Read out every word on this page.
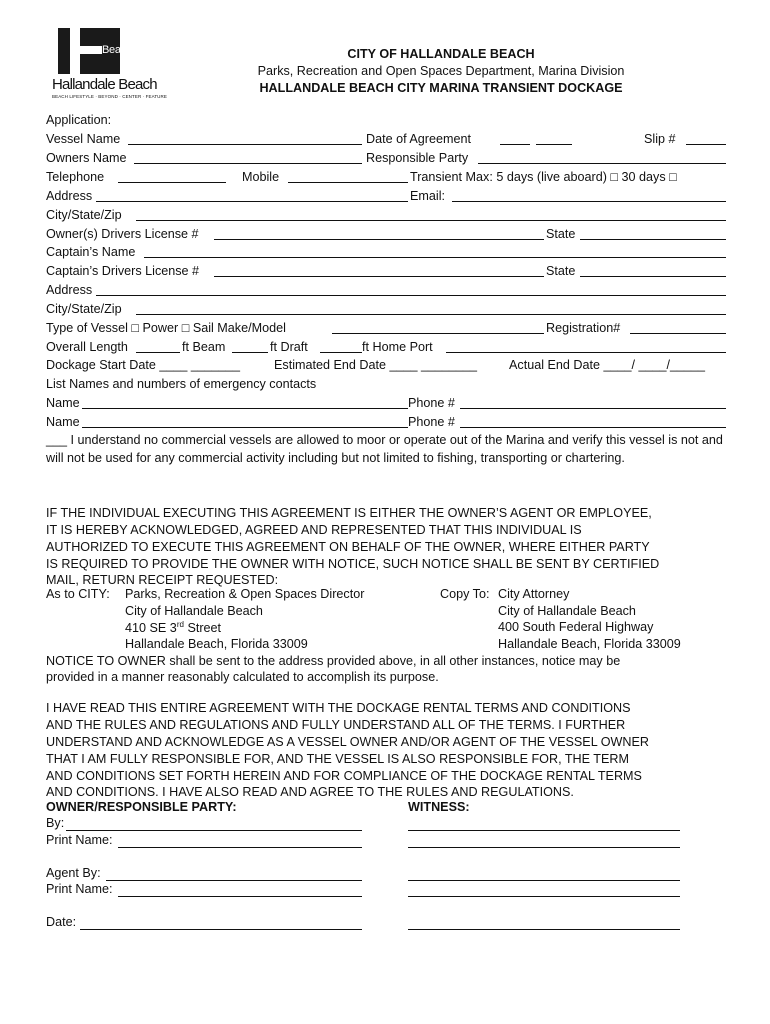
Beach
Hallandale Beach
BEACH LIFESTYLE · BEYOND · CENTER · FEATURE
CITY OF HALLANDALE BEACH
Parks, Recreation and Open Spaces Department, Marina Division
HALLANDALE BEACH CITY MARINA TRANSIENT DOCKAGE
Application:
Vessel Name	Date of Agreement	Slip #
Owners Name	Responsible Party
Telephone	Mobile	Transient Max: 5 days (live aboard) □ 30 days □
Address	Email:
City/State/Zip
Owner(s) Drivers License #	State
Captain’s Name
Captain’s Drivers License #	State
Address
City/State/Zip
Type of Vessel □ Power □ Sail Make/Model	Registration#
Overall Length	ft Beam	ft Draft	ft Home Port
Dockage Start Date ____ _______	Estimated End Date ____ ________	Actual End Date ____/ ____/_____
List Names and numbers of emergency contacts
Name	Phone #
Name	Phone #
___ I understand no commercial vessels are allowed to moor or operate out of the Marina and verify this vessel is not and will not be used for any commercial activity including but not limited to fishing, transporting or chartering.
IF THE INDIVIDUAL EXECUTING THIS AGREEMENT IS EITHER THE OWNER’S AGENT OR EMPLOYEE,
IT IS HEREBY ACKNOWLEDGED, AGREED AND REPRESENTED THAT THIS INDIVIDUAL IS
AUTHORIZED TO EXECUTE THIS AGREEMENT ON BEHALF OF THE OWNER, WHERE EITHER PARTY
IS REQUIRED TO PROVIDE THE OWNER WITH NOTICE, SUCH NOTICE SHALL BE SENT BY CERTIFIED
MAIL, RETURN RECEIPT REQUESTED:
As to CITY: Parks, Recreation & Open Spaces Director
City of Hallandale Beach
410 SE 3rd Street
Hallandale Beach, Florida 33009
Copy To: City Attorney
City of Hallandale Beach
400 South Federal Highway
Hallandale Beach, Florida 33009
NOTICE TO OWNER shall be sent to the address provided above, in all other instances, notice may be
provided in a manner reasonably calculated to accomplish its purpose.
I HAVE READ THIS ENTIRE AGREEMENT WITH THE DOCKAGE RENTAL TERMS AND CONDITIONS
AND THE RULES AND REGULATIONS AND FULLY UNDERSTAND ALL OF THE TERMS. I FURTHER
UNDERSTAND AND ACKNOWLEDGE AS A VESSEL OWNER AND/OR AGENT OF THE VESSEL OWNER
THAT I AM FULLY RESPONSIBLE FOR, AND THE VESSEL IS ALSO RESPONSIBLE FOR, THE TERM
AND CONDITIONS SET FORTH HEREIN AND FOR COMPLIANCE OF THE DOCKAGE RENTAL TERMS
AND CONDITIONS. I HAVE ALSO READ AND AGREE TO THE RULES AND REGULATIONS.
OWNER/RESPONSIBLE PARTY:	WITNESS:
By:
Print Name:
Agent By:
Print Name:
Date:
